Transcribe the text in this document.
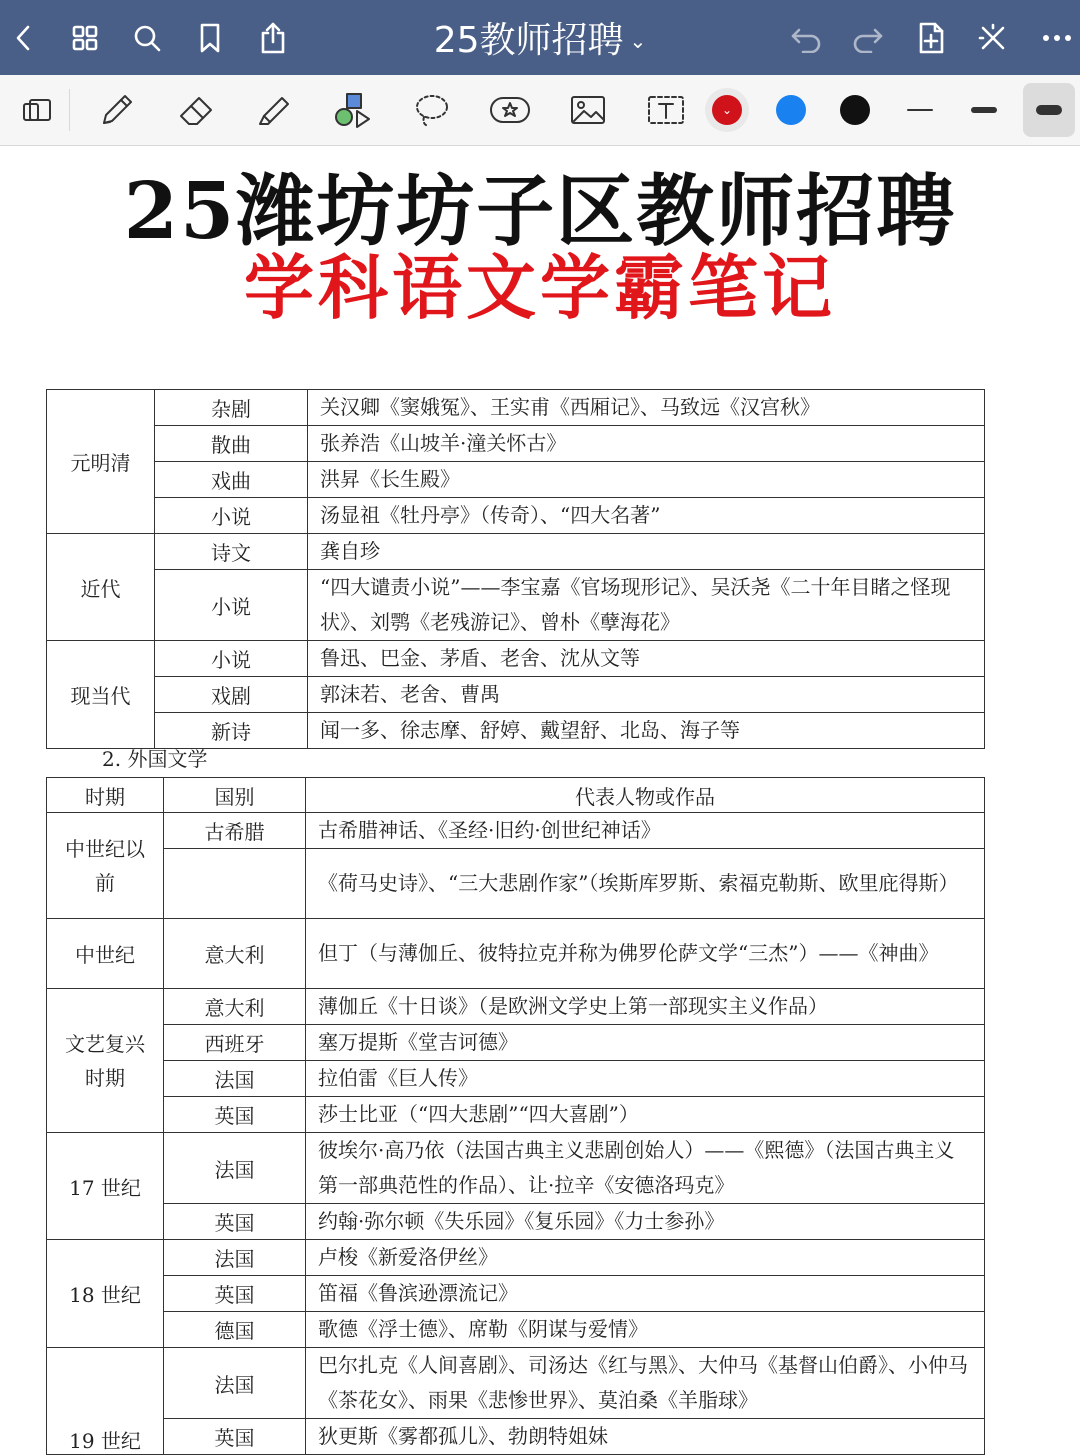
25教师招聘 ⌄
⌄
25潍坊坊子区教师招聘
学科语文学霸笔记
元明清	杂剧	关汉卿《窦娥冤》、王实甫《西厢记》、马致远《汉宫秋》
	散曲	张养浩《山坡羊·潼关怀古》
	戏曲	洪昇《长生殿》
	小说	汤显祖《牡丹亭》（传奇）、“四大名著”
近代	诗文	龚自珍
	小说	“四大谴责小说”——李宝嘉《官场现形记》、吴沃尧《二十年目睹之怪现状》、刘鹗《老残游记》、曾朴《孽海花》
现当代	小说	鲁迅、巴金、茅盾、老舍、沈从文等
	戏剧	郭沫若、老舍、曹禺
	新诗	闻一多、徐志摩、舒婷、戴望舒、北岛、海子等
2. 外国文学
时期	国别	代表人物或作品
中世纪以前	古希腊	古希腊神话、《圣经·旧约·创世纪神话》
		《荷马史诗》、“三大悲剧作家”（埃斯库罗斯、索福克勒斯、欧里庇得斯）
中世纪	意大利	但丁（与薄伽丘、彼特拉克并称为佛罗伦萨文学“三杰”）——《神曲》
文艺复兴时期	意大利	薄伽丘《十日谈》（是欧洲文学史上第一部现实主义作品）
	西班牙	塞万提斯《堂吉诃德》
	法国	拉伯雷《巨人传》
	英国	莎士比亚（“四大悲剧”“四大喜剧”）
17 世纪	法国	彼埃尔·高乃依（法国古典主义悲剧创始人）——《熙德》（法国古典主义第一部典范性的作品）、让·拉辛《安德洛玛克》
	英国	约翰·弥尔顿《失乐园》《复乐园》《力士参孙》
18 世纪	法国	卢梭《新爱洛伊丝》
	英国	笛福《鲁滨逊漂流记》
	德国	歌德《浮士德》、席勒《阴谋与爱情》
19 世纪	法国	巴尔扎克《人间喜剧》、司汤达《红与黑》、大仲马《基督山伯爵》、小仲马《茶花女》、雨果《悲惨世界》、莫泊桑《羊脂球》
	英国	狄更斯《雾都孤儿》、勃朗特姐妹
